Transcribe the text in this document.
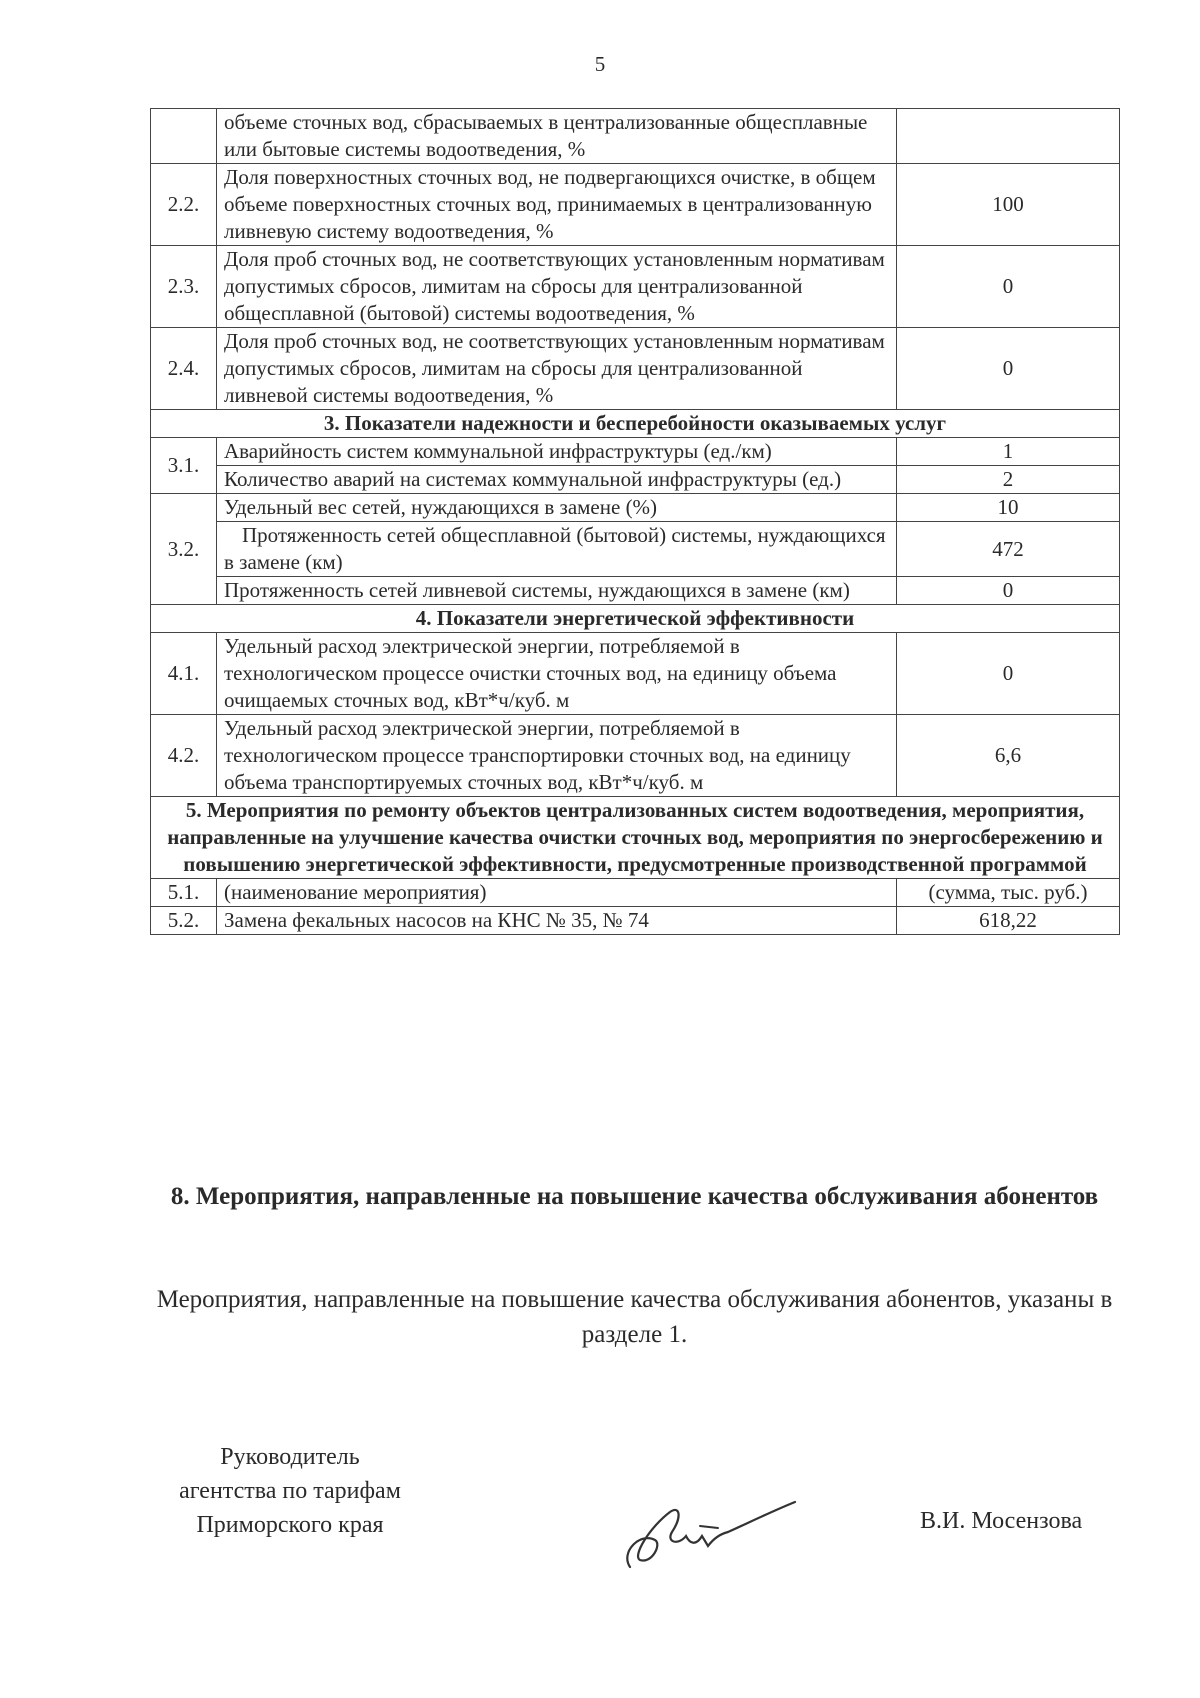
5
	объеме сточных вод, сбрасываемых в централизованные общесплавные или бытовые системы водоотведения, %	
2.2.	Доля поверхностных сточных вод, не подвергающихся очистке, в общем объеме поверхностных сточных вод, принимаемых в централизованную ливневую систему водоотведения, %	100
2.3.	Доля проб сточных вод, не соответствующих установленным нормативам допустимых сбросов, лимитам на сбросы для централизованной общесплавной (бытовой) системы водоотведения, %	0
2.4.	Доля проб сточных вод, не соответствующих установленным нормативам допустимых сбросов, лимитам на сбросы для централизованной ливневой системы водоотведения, %	0
3. Показатели надежности и бесперебойности оказываемых услуг		
3.1.	Аварийность систем коммунальной инфраструктуры (ед./км)	1
	Количество аварий на системах коммунальной инфраструктуры (ед.)	2
3.2.	Удельный вес сетей, нуждающихся в замене (%)	10
	Протяженность сетей общесплавной (бытовой) системы, нуждающихся в замене (км)	472
	Протяженность сетей ливневой системы, нуждающихся в замене (км)	0
4. Показатели энергетической эффективности		
4.1.	Удельный расход электрической энергии, потребляемой в технологическом процессе очистки сточных вод, на единицу объема очищаемых сточных вод, кВт*ч/куб. м	0
4.2.	Удельный расход электрической энергии, потребляемой в технологическом процессе транспортировки сточных вод, на единицу объема транспортируемых сточных вод, кВт*ч/куб. м	6,6
5. Мероприятия по ремонту объектов централизованных систем водоотведения, мероприятия, направленные на улучшение качества очистки сточных вод, мероприятия по энергосбережению и повышению энергетической эффективности, предусмотренные производственной программой		
5.1.	(наименование мероприятия)	(сумма, тыс. руб.)
5.2.	Замена фекальных насосов на КНС № 35, № 74	618,22
8. Мероприятия, направленные на повышение качества обслуживания абонентов
Мероприятия, направленные на повышение качества обслуживания абонентов, указаны в разделе 1.
Руководитель
агентства по тарифам
Приморского края	В.И. Мосензова
